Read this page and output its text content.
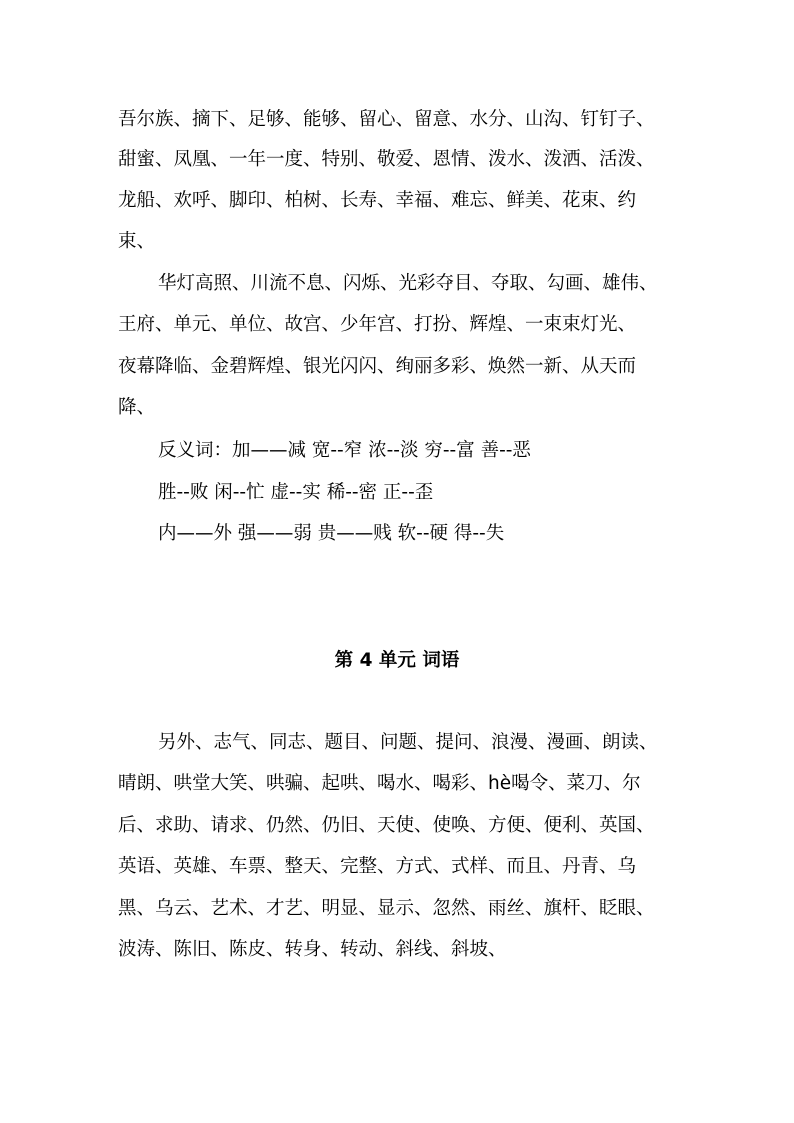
吾尔族、摘下、足够、能够、留心、留意、水分、山沟、钉钉子、
甜蜜、凤凰、一年一度、特别、敬爱、恩情、泼水、泼洒、活泼、
龙船、欢呼、脚印、柏树、长寿、幸福、难忘、鲜美、花束、约
束、
华灯高照、川流不息、闪烁、光彩夺目、夺取、勾画、雄伟、
王府、单元、单位、故宫、少年宫、打扮、辉煌、一束束灯光、
夜幕降临、金碧辉煌、银光闪闪、绚丽多彩、焕然一新、从天而
降、
反义词：加——减 宽--窄 浓--淡 穷--富 善--恶
胜--败 闲--忙 虚--实 稀--密 正--歪
内——外 强——弱 贵——贱 软--硬 得--失
第 4 单元 词语
另外、志气、同志、题目、问题、提问、浪漫、漫画、朗读、
晴朗、哄堂大笑、哄骗、起哄、喝水、喝彩、hè喝令、菜刀、尔
后、求助、请求、仍然、仍旧、天使、使唤、方便、便利、英国、
英语、英雄、车票、整天、完整、方式、式样、而且、丹青、乌
黑、乌云、艺术、才艺、明显、显示、忽然、雨丝、旗杆、眨眼、
波涛、陈旧、陈皮、转身、转动、斜线、斜坡、
